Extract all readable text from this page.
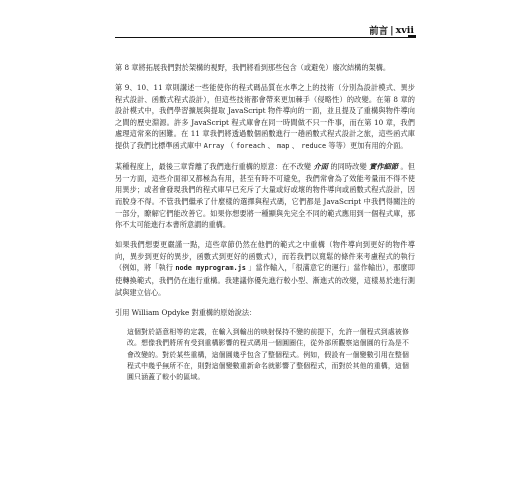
前言 | xvii

第 8 章將拓展我們對於架構的視野，我們將看到那些包含（或避免）廢次結構的架構。

第 9、10、11 章則講述一些能使你的程式碼品質在水準之上的技術（分別為設計模式、異步程式設計、函數式程式設計），但這些技術都會帶來更加棘手（侵略性）的改變。在第 8 章的設計模式中，我們學習擴展與提取 JavaScript 物件導向的一面，並且提及了重構與物件導向之間的歷史淵源。許多 JavaScript 程式庫會在同一時間做不只一件事，而在第 10 章，我們處理這常來的困難。在 11 章我們將透過數個函數進行一趟函數式程式設計之旅，這些函式庫提供了我們比標準函式庫中 Array （ foreach 、 map 、 reduce 等等）更加有用的介面。

某種程度上，最後三章背離了我們進行重構的原意：在不改變 介面 的同時改變 實作細節 。但另一方面，這些介面卻又都極為有用，甚至有時不可避免，我們常會為了效能考量而不得不使用異步；或者會發現我們的程式庫早已充斥了大量或好或壞的物件導向或函數式程式設計，因而脫身不得。不管我們繼承了什麼樣的選擇與程式碼，它們都是 JavaScript 中我們得關注的一部分，瞭解它們能改善它。如果你想要將一種顯與先完全不同的範式應用到一個程式庫，那你不太可能進行本書所意謂的重構。

如果我們想要更嚴謹一點，這些章節仍然在他們的範式之中重構（物件導向到更好的物件導向，異步到更好的異步，函數式到更好的函數式），而若我們以寬鬆的條件來考慮程式的執行（例如，將「執行 node myprogram.js 」當作輸入，「很滿意它的運行」當作輸出），那麼即使轉換範式，我們仍在進行重構。我建議你優先進行較小型、漸進式的改變，這樣易於進行測試與建立信心。

引用 William Opdyke 對重構的原始說法：

這個對於語意相等的定義，在輸入到輸出的映射保持不變的前提下，允許一個程式到處被修改。想像我們將所有受到重構影響的程式碼用一個圓圈住，從外部所觀察這個圓的行為是不會改變的。對於某些重構，這個圓幾乎包含了整個程式。例如，假設有一個變數引用在整個程式中幾乎無所不在，則對這個變數重新命名就影響了整個程式，而對於其他的重構，這個圓只涵蓋了較小的區域。
